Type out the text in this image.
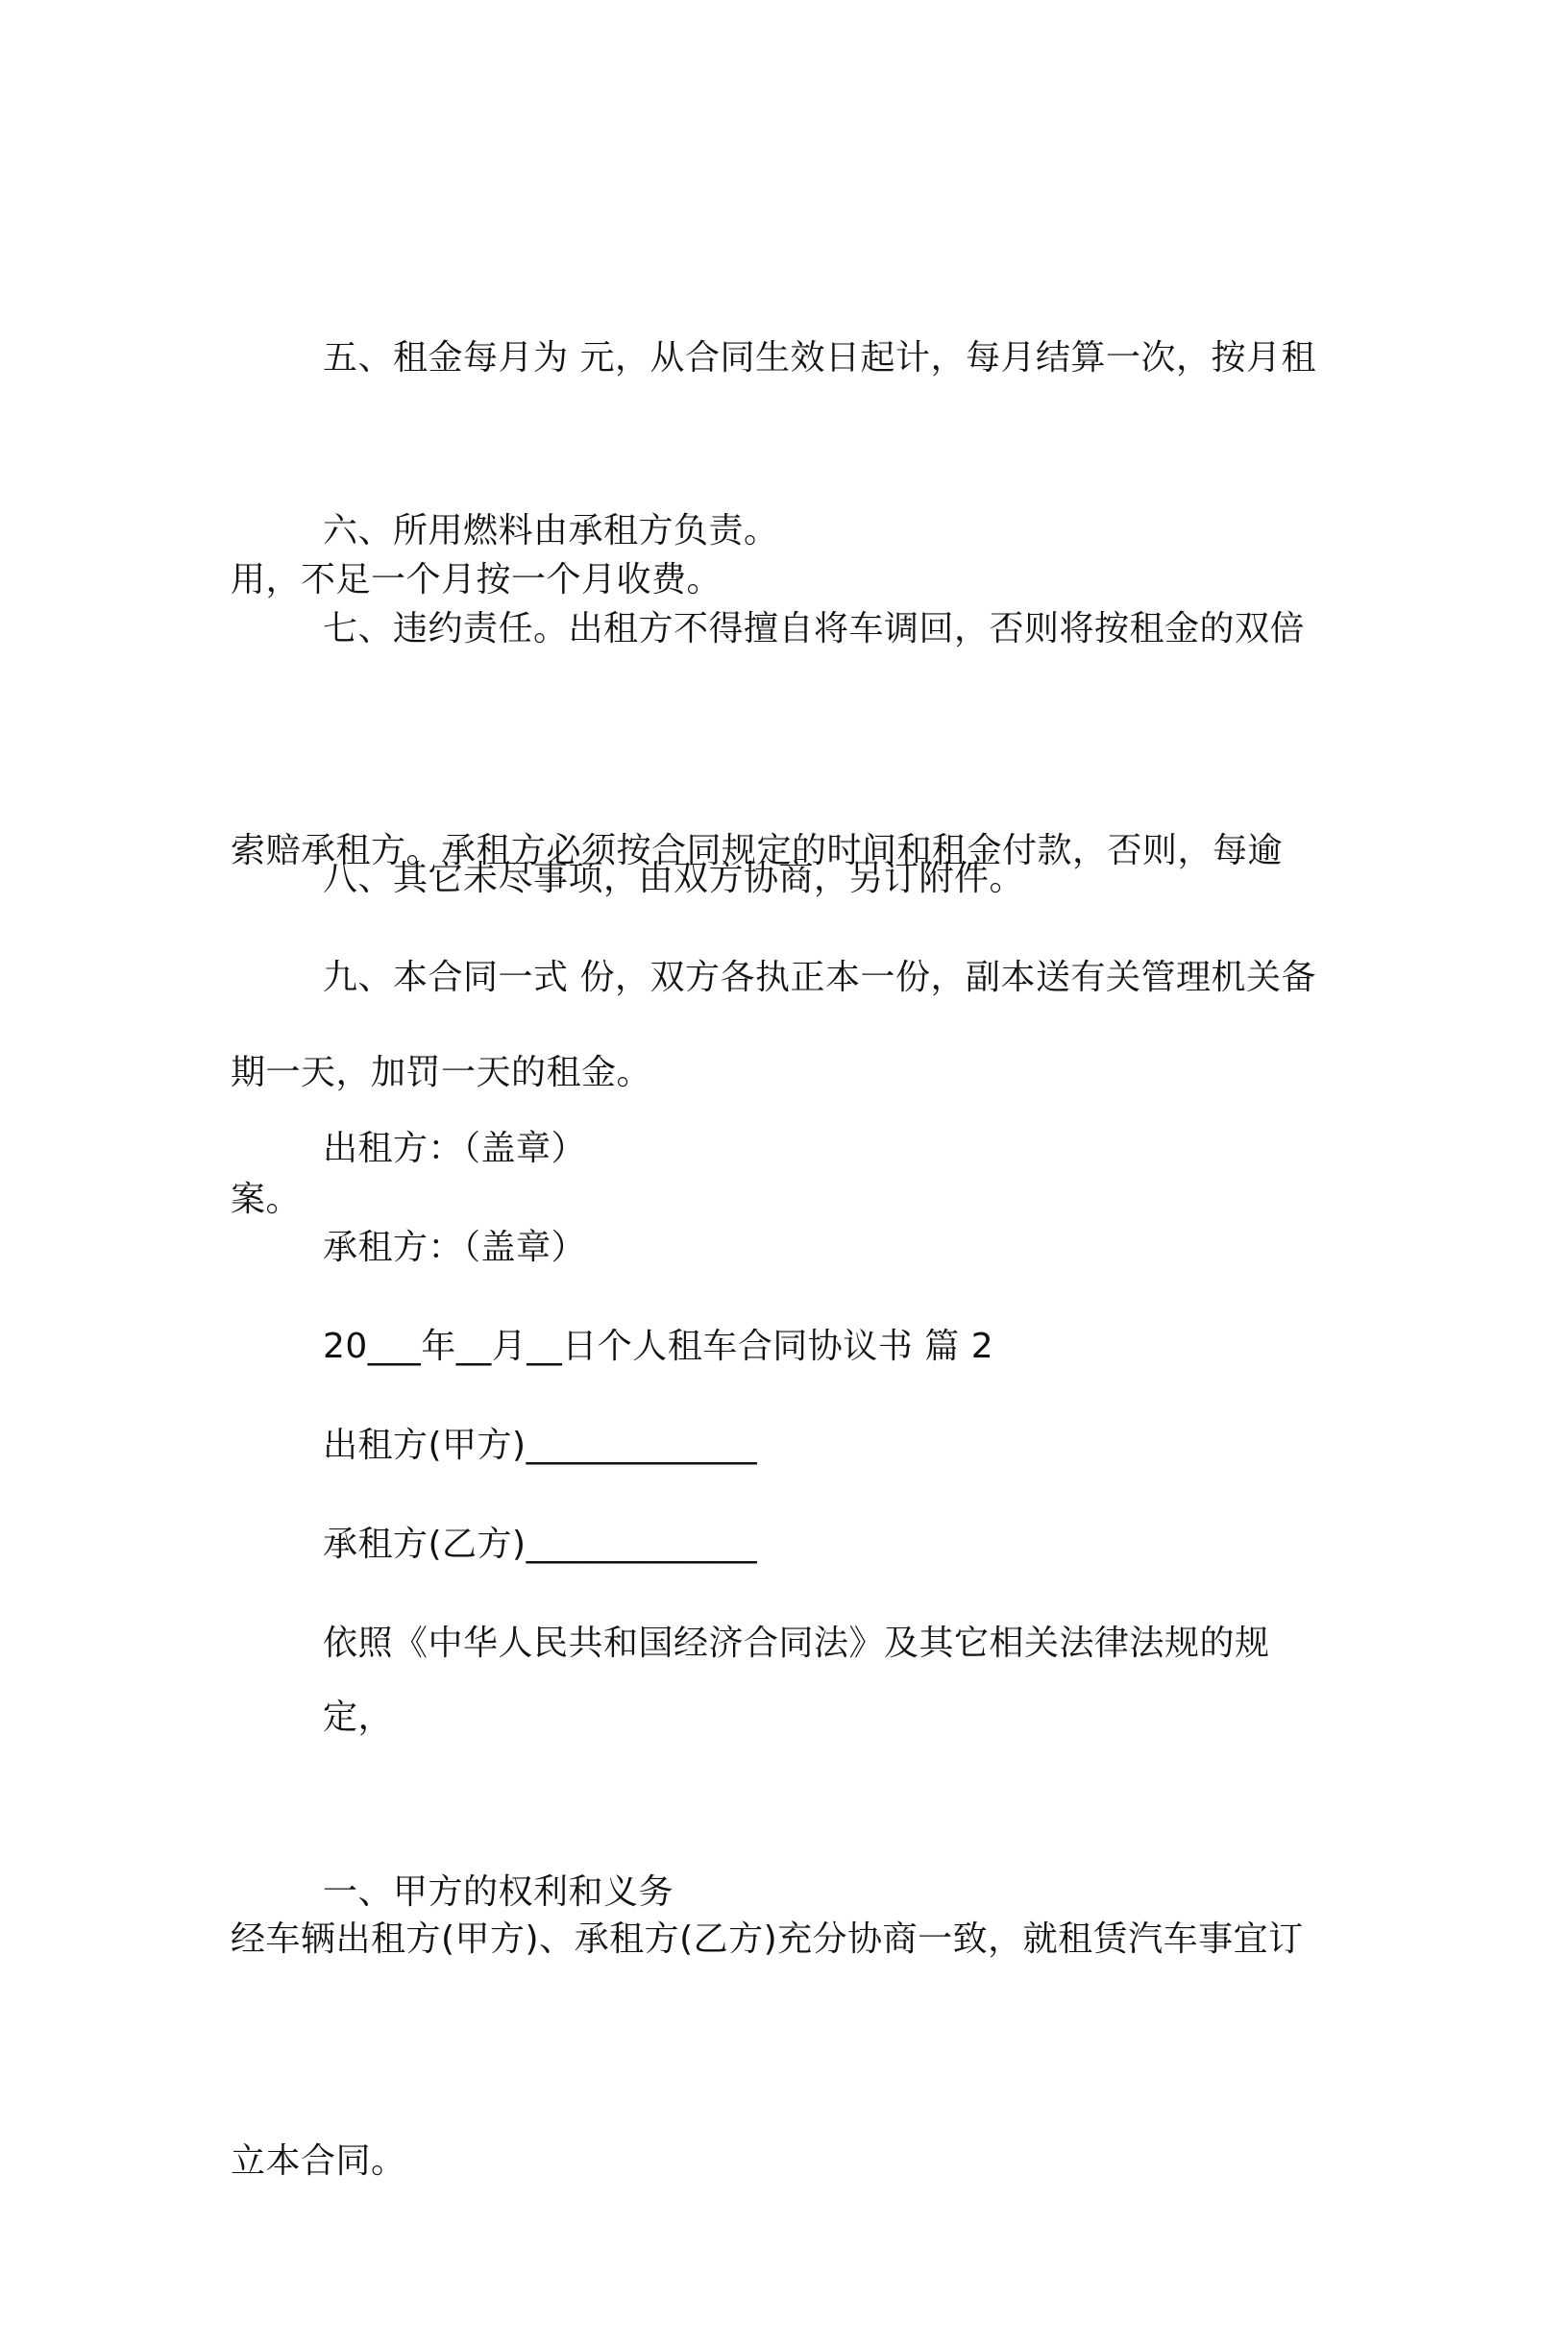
五、租金每月为 元，从合同生效日起计，每月结算一次，按月租

用，不足一个月按一个月收费。

六、所用燃料由承租方负责。

七、违约责任。出租方不得擅自将车调回，否则将按租金的双倍

索赔承租方。承租方必须按合同规定的时间和租金付款，否则，每逾

期一天，加罚一天的租金。

八、其它未尽事项，由双方协商，另订附件。

九、本合同一式 份，双方各执正本一份，副本送有关管理机关备

案。

出租方：（盖章）

承租方：（盖章）

20___年__月__日个人租车合同协议书 篇 2

出租方(甲方)_____________

承租方(乙方)_____________

依照《中华人民共和国经济合同法》及其它相关法律法规的规定，

经车辆出租方(甲方)、承租方(乙方)充分协商一致，就租赁汽车事宜订

立本合同。

一、甲方的权利和义务
